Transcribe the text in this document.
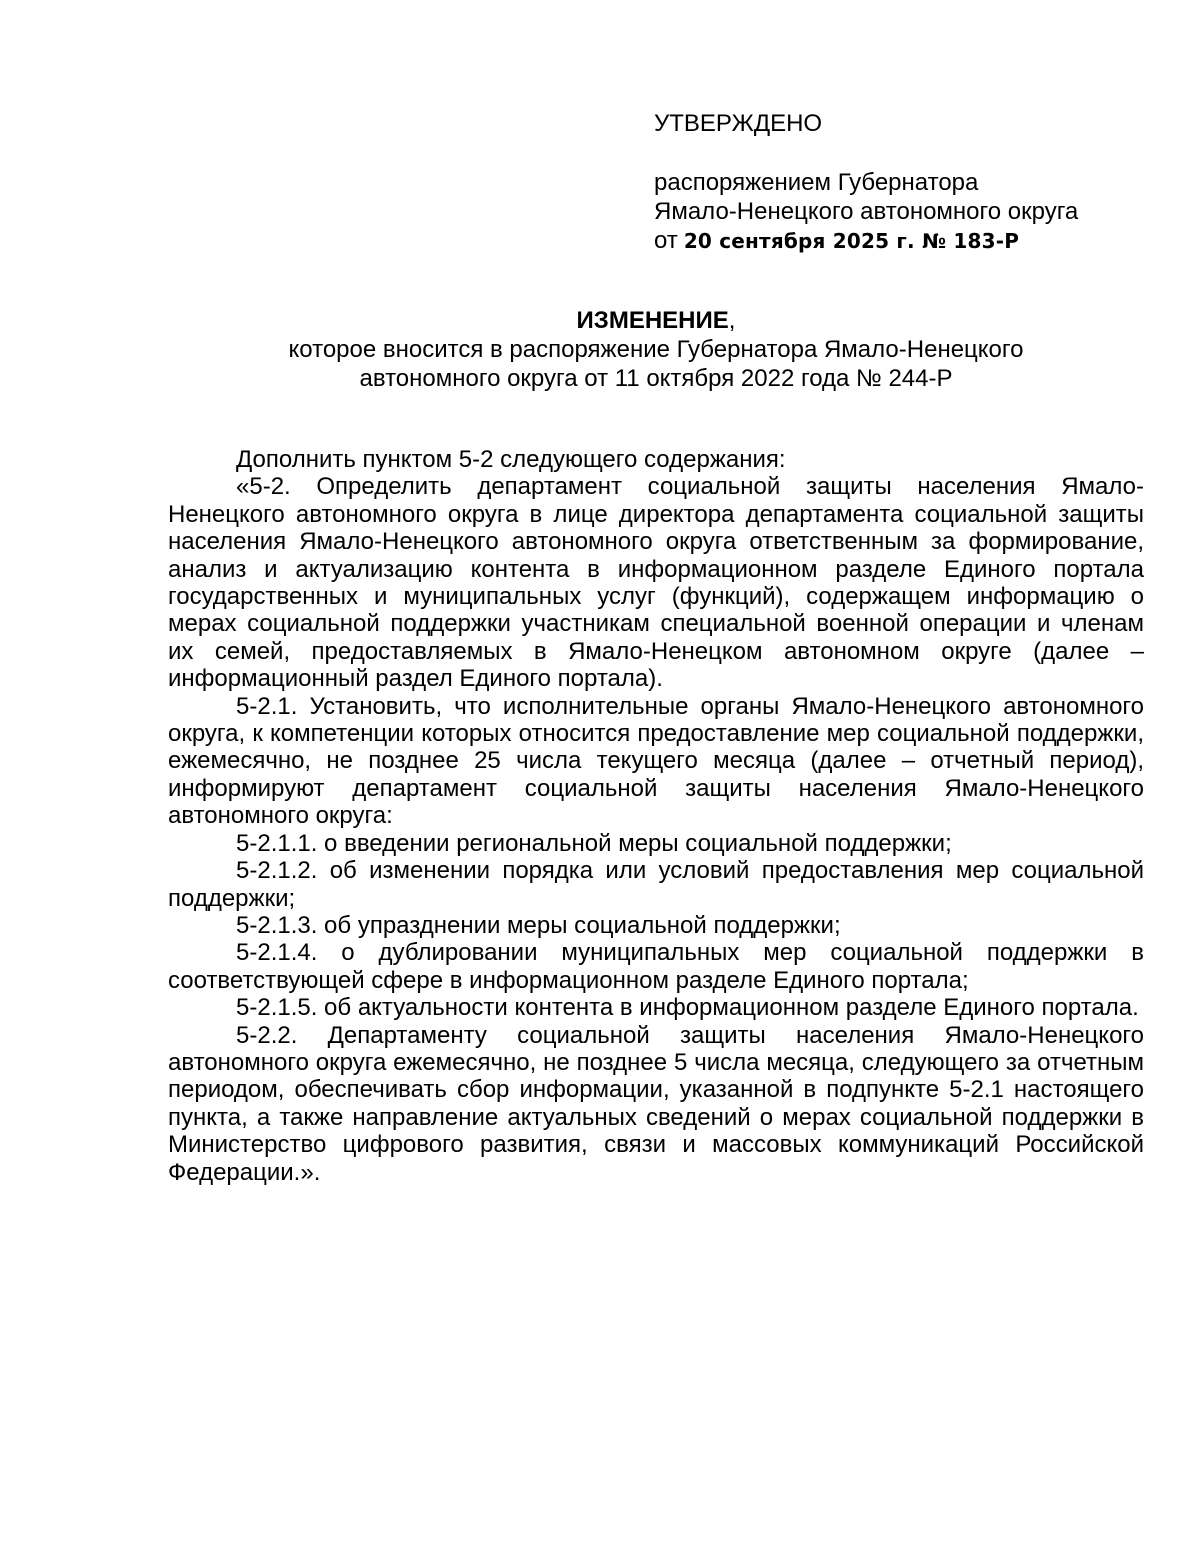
УТВЕРЖДЕНО
распоряжением Губернатора
Ямало-Ненецкого автономного округа
от 20 сентября 2025 г. № 183-Р
ИЗМЕНЕНИЕ,
которое вносится в распоряжение Губернатора Ямало-Ненецкого
автономного округа от 11 октября 2022 года № 244-Р

Дополнить пунктом 5-2 следующего содержания:

«5-2. Определить департамент социальной защиты населения Ямало-Ненецкого автономного округа в лице директора департамента социальной защиты населения Ямало-Ненецкого автономного округа ответственным за формирование, анализ и актуализацию контента в информационном разделе Единого портала государственных и муниципальных услуг (функций), содержащем информацию о мерах социальной поддержки участникам специальной военной операции и членам их семей, предоставляемых в Ямало-Ненецком автономном округе (далее – информационный раздел Единого портала).

5-2.1. Установить, что исполнительные органы Ямало-Ненецкого автономного округа, к компетенции которых относится предоставление мер социальной поддержки, ежемесячно, не позднее 25 числа текущего месяца (далее – отчетный период), информируют департамент социальной защиты населения Ямало-Ненецкого автономного округа:

5-2.1.1. о введении региональной меры социальной поддержки;

5-2.1.2. об изменении порядка или условий предоставления мер социальной поддержки;

5-2.1.3. об упразднении меры социальной поддержки;

5-2.1.4. о дублировании муниципальных мер социальной поддержки в соответствующей сфере в информационном разделе Единого портала;

5-2.1.5. об актуальности контента в информационном разделе Единого портала.

5-2.2. Департаменту социальной защиты населения Ямало-Ненецкого автономного округа ежемесячно, не позднее 5 числа месяца, следующего за отчетным периодом, обеспечивать сбор информации, указанной в подпункте 5-2.1 настоящего пункта, а также направление актуальных сведений о мерах социальной поддержки в Министерство цифрового развития, связи и массовых коммуникаций Российской Федерации.».
